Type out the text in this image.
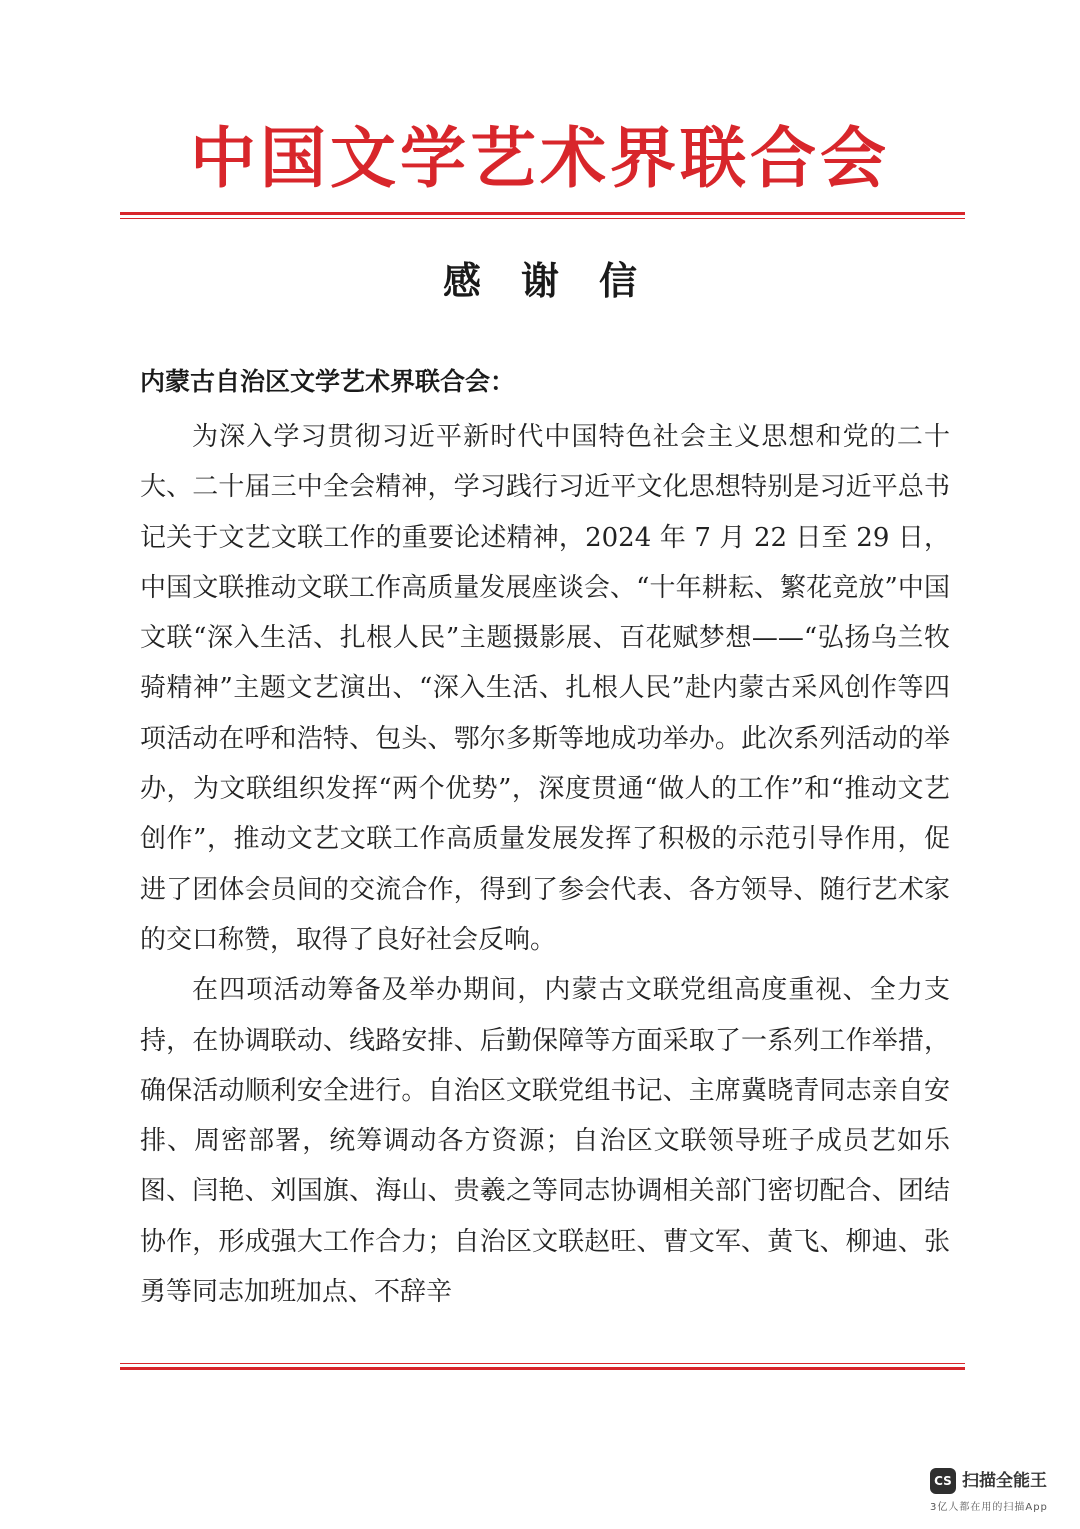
中国文学艺术界联合会
感谢信
内蒙古自治区文学艺术界联合会：

为深入学习贯彻习近平新时代中国特色社会主义思想和党的二十大、二十届三中全会精神，学习践行习近平文化思想特别是习近平总书记关于文艺文联工作的重要论述精神，2024 年 7 月 22 日至 29 日，中国文联推动文联工作高质量发展座谈会、“十年耕耘、繁花竞放”中国文联“深入生活、扎根人民”主题摄影展、百花赋梦想——“弘扬乌兰牧骑精神”主题文艺演出、“深入生活、扎根人民”赴内蒙古采风创作等四项活动在呼和浩特、包头、鄂尔多斯等地成功举办。此次系列活动的举办，为文联组织发挥“两个优势”，深度贯通“做人的工作”和“推动文艺创作”，推动文艺文联工作高质量发展发挥了积极的示范引导作用，促进了团体会员间的交流合作，得到了参会代表、各方领导、随行艺术家的交口称赞，取得了良好社会反响。

在四项活动筹备及举办期间，内蒙古文联党组高度重视、全力支持，在协调联动、线路安排、后勤保障等方面采取了一系列工作举措，确保活动顺利安全进行。自治区文联党组书记、主席冀晓青同志亲自安排、周密部署，统筹调动各方资源；自治区文联领导班子成员艺如乐图、闫艳、刘国旗、海山、贵羲之等同志协调相关部门密切配合、团结协作，形成强大工作合力；自治区文联赵旺、曹文军、黄飞、柳迪、张勇等同志加班加点、不辞辛

CS 扫描全能王
3亿人都在用的扫描App
